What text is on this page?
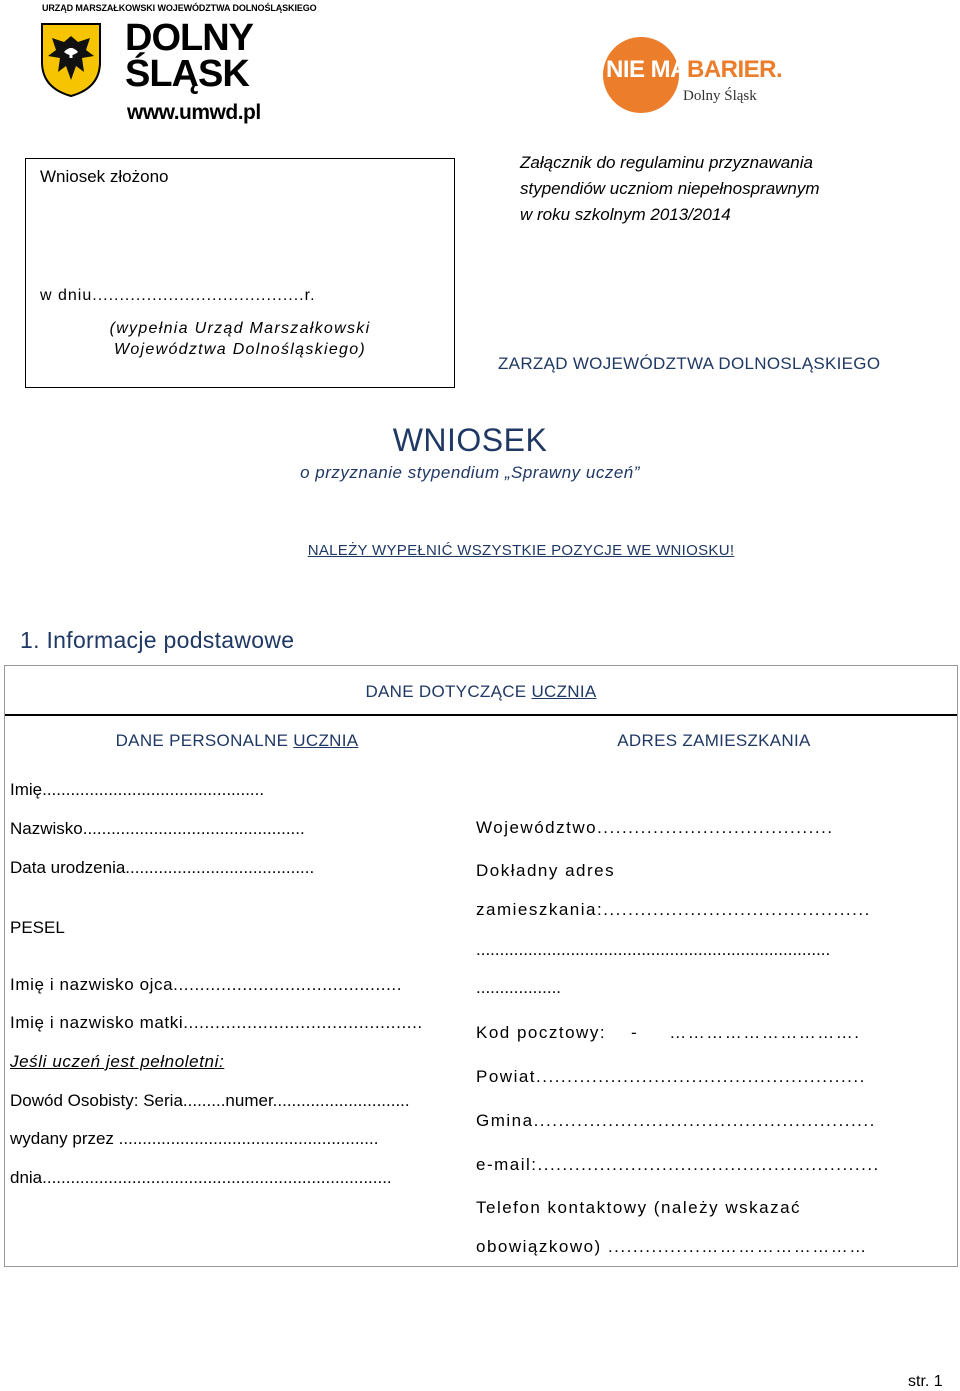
URZĄD MARSZAŁKOWSKI WOJEWÓDZTWA DOLNOŚLĄSKIEGO
DOLNY
ŚLĄSK
www.umwd.pl
NIE MABARIER.
Dolny Śląsk
Wniosek złożono
w dniu.......................................r.
(wypełnia Urząd Marszałkowski
Województwa Dolnośląskiego)
Załącznik do regulaminu przyznawania
stypendiów uczniom niepełnosprawnym
w roku szkolnym 2013/2014
ZARZĄD WOJEWÓDZTWA DOLNOSLĄSKIEGO
WNIOSEK
o przyznanie stypendium „Sprawny uczeń”
NALEŻY WYPEŁNIĆ WSZYSTKIE POZYCJE WE WNIOSKU!
1. Informacje podstawowe
DANE DOTYCZĄCE UCZNIA
DANE PERSONALNE UCZNIA	ADRES ZAMIESZKANIA
Imię...............................................
Nazwisko...............................................
Data urodzenia........................................
PESEL
Imię i nazwisko ojca...........................................
Imię i nazwisko matki.............................................
Jeśli uczeń jest pełnoletni:
Dowód Osobisty: Seria.........numer.............................
wydany przez .......................................................
dnia..........................................................................
Województwo......................................
Dokładny adres
zamieszkania:...........................................
...........................................................................
..................
Kod pocztowy:    -     ………………………….
Powiat.....................................................
Gmina.......................................................
e-mail:.......................................................
Telefon kontaktowy (należy wskazać
obowiązkowo) ...............………………………
str. 1
